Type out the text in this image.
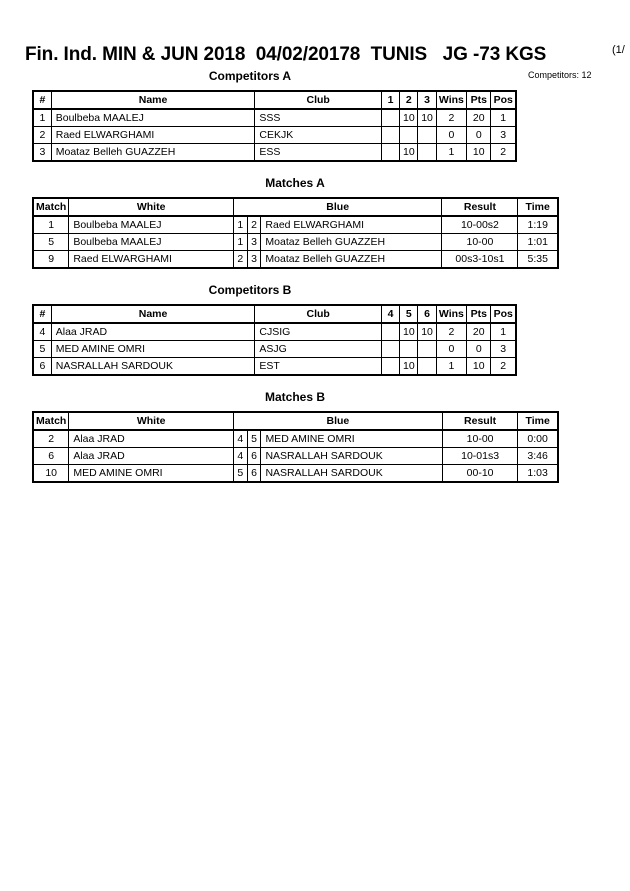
Fin. Ind. MIN & JUN 2018  04/02/20178  TUNIS   JG -73 KGS	(1/
Competitors: 12
Competitors A
#	Name	Club	1	2	3	Wins	Pts	Pos
1	Boulbeba MAALEJ	SSS		10	10	2	20	1
2	Raed ELWARGHAMI	CEKJK				0	0	3
3	Moataz Belleh GUAZZEH	ESS		10		1	10	2
Matches A
Match	White	Blue			Result	Time
1	Boulbeba MAALEJ	1	2	Raed ELWARGHAMI	10-00s2	1:19
5	Boulbeba MAALEJ	1	3	Moataz Belleh GUAZZEH	10-00	1:01
9	Raed ELWARGHAMI	2	3	Moataz Belleh GUAZZEH	00s3-10s1	5:35
Competitors B
#	Name	Club	4	5	6	Wins	Pts	Pos
4	Alaa JRAD	CJSIG		10	10	2	20	1
5	MED AMINE OMRI	ASJG				0	0	3
6	NASRALLAH SARDOUK	EST		10		1	10	2
Matches B
Match	White	Blue			Result	Time
2	Alaa JRAD	4	5	MED AMINE OMRI	10-00	0:00
6	Alaa JRAD	4	6	NASRALLAH SARDOUK	10-01s3	3:46
10	MED AMINE OMRI	5	6	NASRALLAH SARDOUK	00-10	1:03
